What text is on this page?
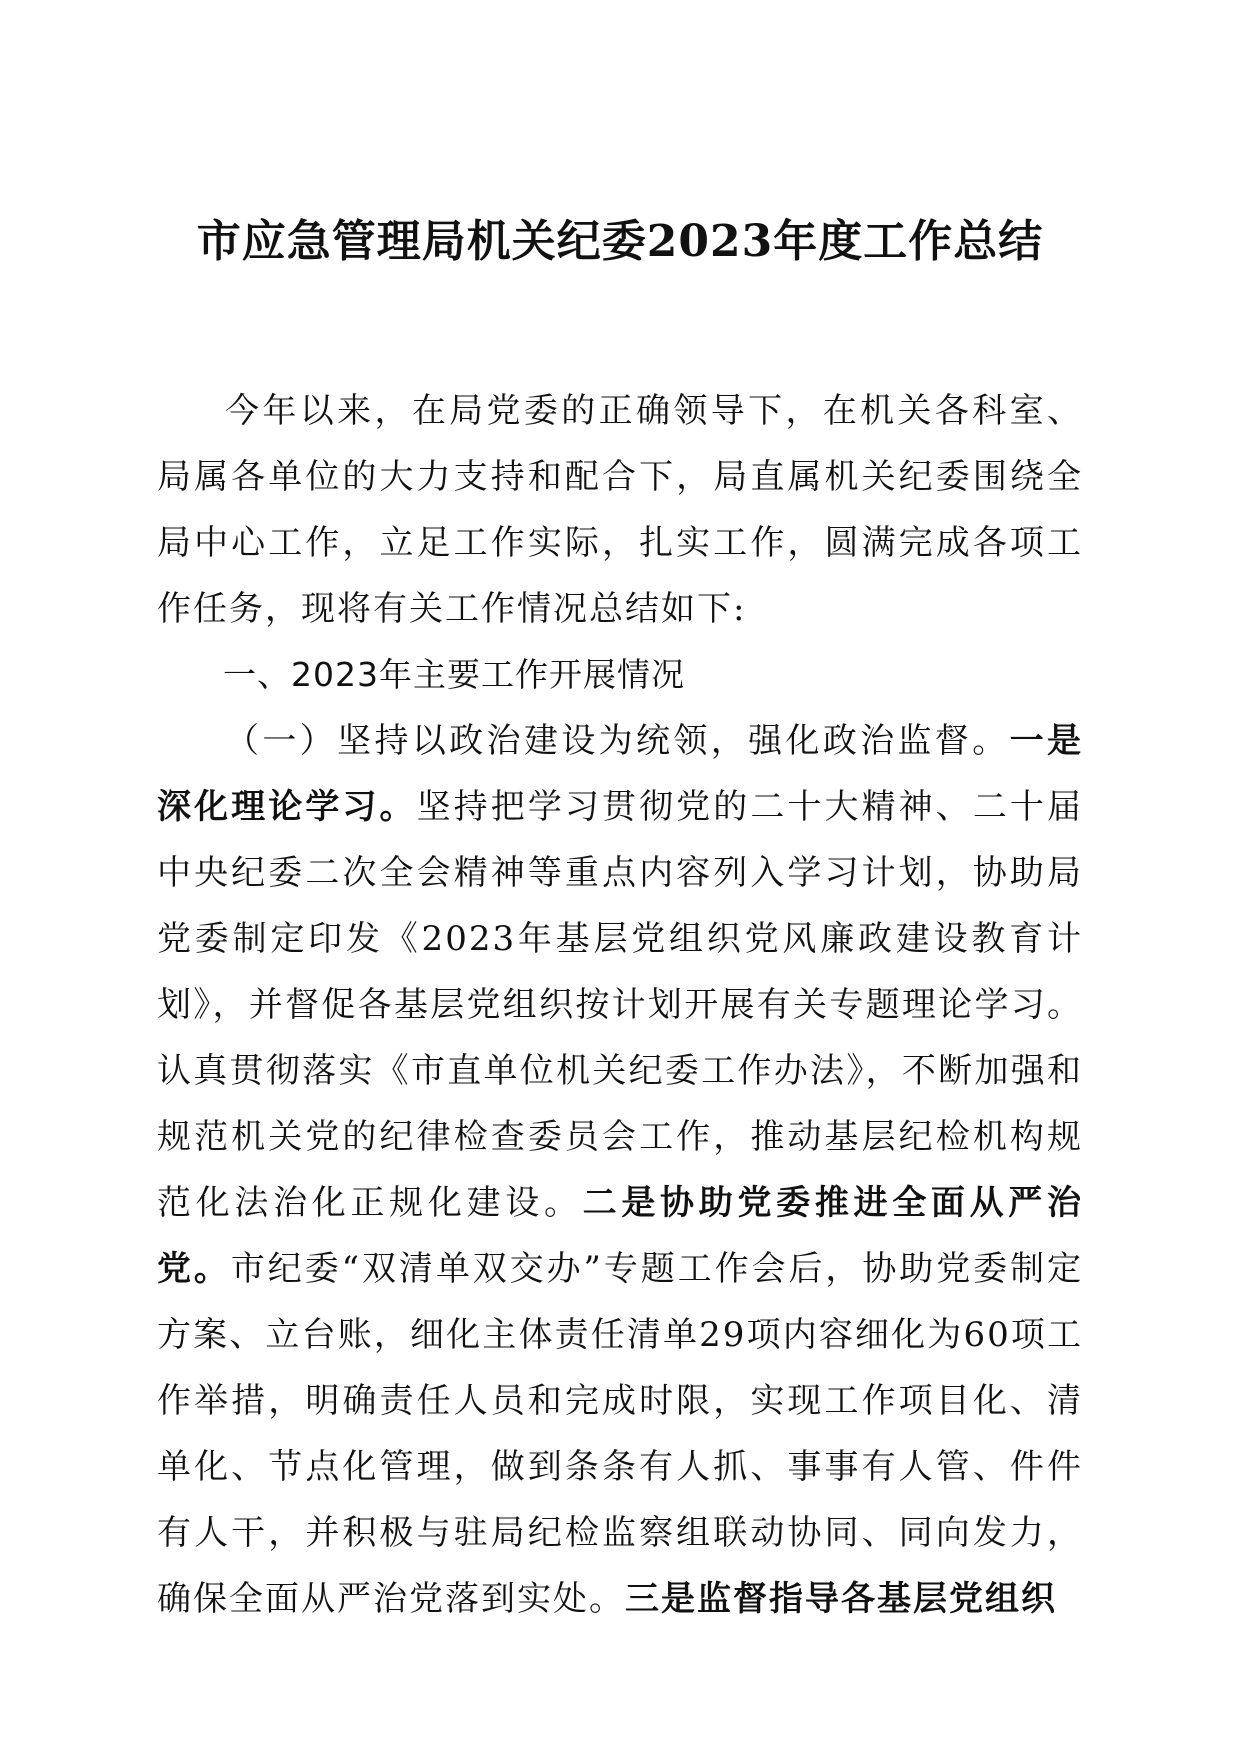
市应急管理局机关纪委2023年度工作总结

今年以来，在局党委的正确领导下，在机关各科室、局属各单位的大力支持和配合下，局直属机关纪委围绕全局中心工作，立足工作实际，扎实工作，圆满完成各项工作任务，现将有关工作情况总结如下:

一、2023年主要工作开展情况

（一）坚持以政治建设为统领，强化政治监督。一是深化理论学习。坚持把学习贯彻党的二十大精神、二十届中央纪委二次全会精神等重点内容列入学习计划，协助局党委制定印发《2023年基层党组织党风廉政建设教育计划》，并督促各基层党组织按计划开展有关专题理论学习。认真贯彻落实《市直单位机关纪委工作办法》，不断加强和规范机关党的纪律检查委员会工作，推动基层纪检机构规范化法治化正规化建设。二是协助党委推进全面从严治党。市纪委“双清单双交办”专题工作会后，协助党委制定方案、立台账，细化主体责任清单29项内容细化为60项工作举措，明确责任人员和完成时限，实现工作项目化、清单化、节点化管理，做到条条有人抓、事事有人管、件件有人干，并积极与驻局纪检监察组联动协同、同向发力，确保全面从严治党落到实处。三是监督指导各基层党组织
